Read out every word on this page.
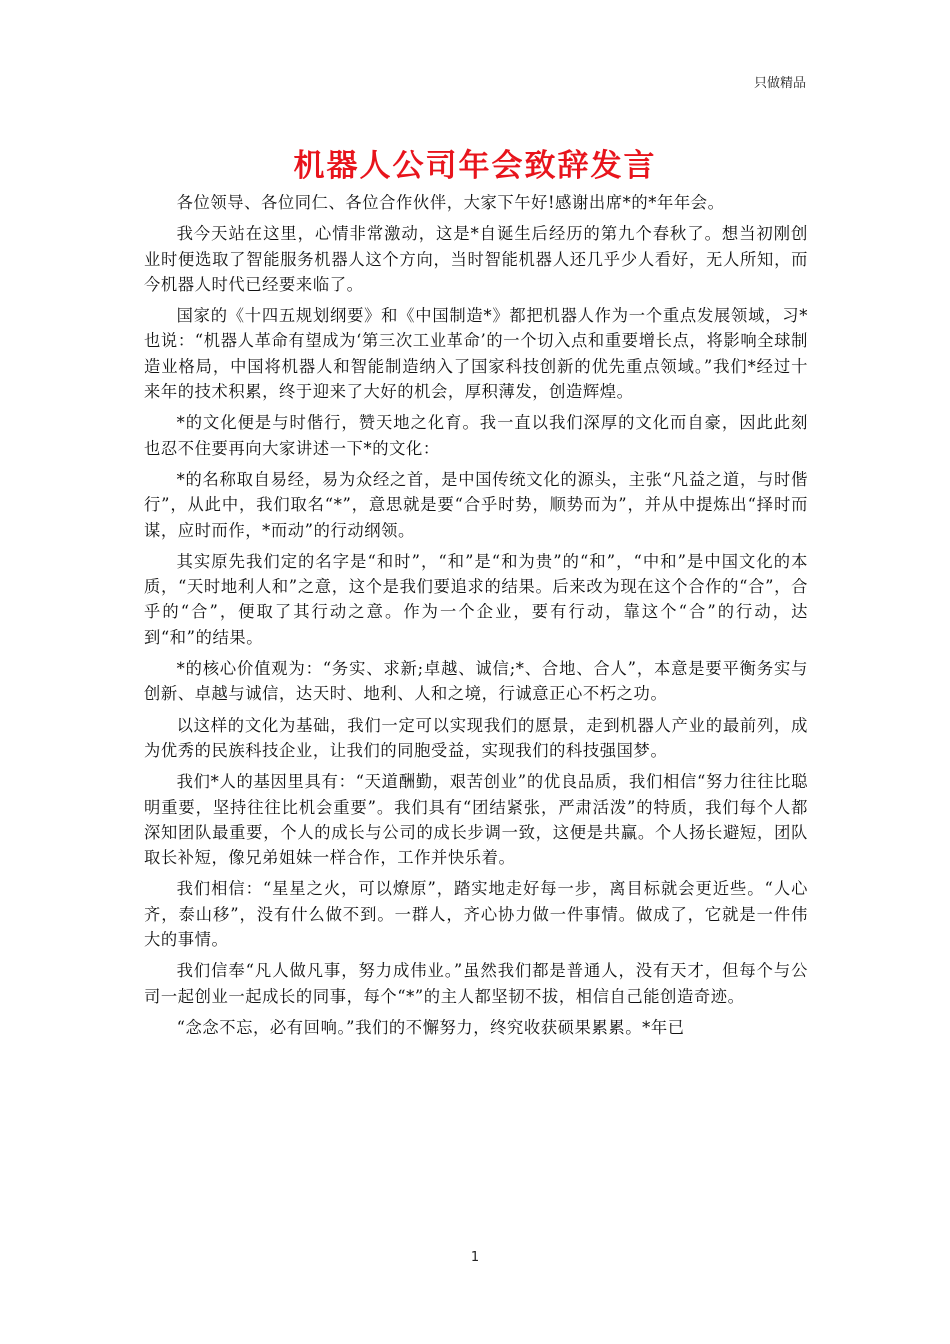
只做精品
机器人公司年会致辞发言

各位领导、各位同仁、各位合作伙伴，大家下午好!感谢出席*的*年年会。

我今天站在这里，心情非常激动，这是*自诞生后经历的第九个春秋了。想当初刚创业时便选取了智能服务机器人这个方向，当时智能机器人还几乎少人看好，无人所知，而今机器人时代已经要来临了。

国家的《十四五规划纲要》和《中国制造*》都把机器人作为一个重点发展领域，习*也说：“机器人革命有望成为‘第三次工业革命’的一个切入点和重要增长点，将影响全球制造业格局，中国将机器人和智能制造纳入了国家科技创新的优先重点领域。”我们*经过十来年的技术积累，终于迎来了大好的机会，厚积薄发，创造辉煌。

*的文化便是与时偕行，赞天地之化育。我一直以我们深厚的文化而自豪，因此此刻也忍不住要再向大家讲述一下*的文化：

*的名称取自易经，易为众经之首，是中国传统文化的源头，主张“凡益之道，与时偕行”，从此中，我们取名“*”，意思就是要“合乎时势，顺势而为”，并从中提炼出“择时而谋，应时而作，*而动”的行动纲领。

其实原先我们定的名字是“和时”，“和”是“和为贵”的“和”，“中和”是中国文化的本质，“天时地利人和”之意，这个是我们要追求的结果。后来改为现在这个合作的“合”，合乎的“合”，便取了其行动之意。作为一个企业，要有行动，靠这个“合”的行动，达到“和”的结果。

*的核心价值观为：“务实、求新;卓越、诚信;*、合地、合人”，本意是要平衡务实与创新、卓越与诚信，达天时、地利、人和之境，行诚意正心不朽之功。

以这样的文化为基础，我们一定可以实现我们的愿景，走到机器人产业的最前列，成为优秀的民族科技企业，让我们的同胞受益，实现我们的科技强国梦。

我们*人的基因里具有：“天道酬勤，艰苦创业”的优良品质，我们相信“努力往往比聪明重要，坚持往往比机会重要”。我们具有“团结紧张，严肃活泼”的特质，我们每个人都深知团队最重要，个人的成长与公司的成长步调一致，这便是共赢。个人扬长避短，团队取长补短，像兄弟姐妹一样合作，工作并快乐着。

我们相信：“星星之火，可以燎原”，踏实地走好每一步，离目标就会更近些。“人心齐，泰山移”，没有什么做不到。一群人，齐心协力做一件事情。做成了，它就是一件伟大的事情。

我们信奉“凡人做凡事，努力成伟业。”虽然我们都是普通人，没有天才，但每个与公司一起创业一起成长的同事，每个“*”的主人都坚韧不拔，相信自己能创造奇迹。

“念念不忘，必有回响。”我们的不懈努力，终究收获硕果累累。*年已

1
